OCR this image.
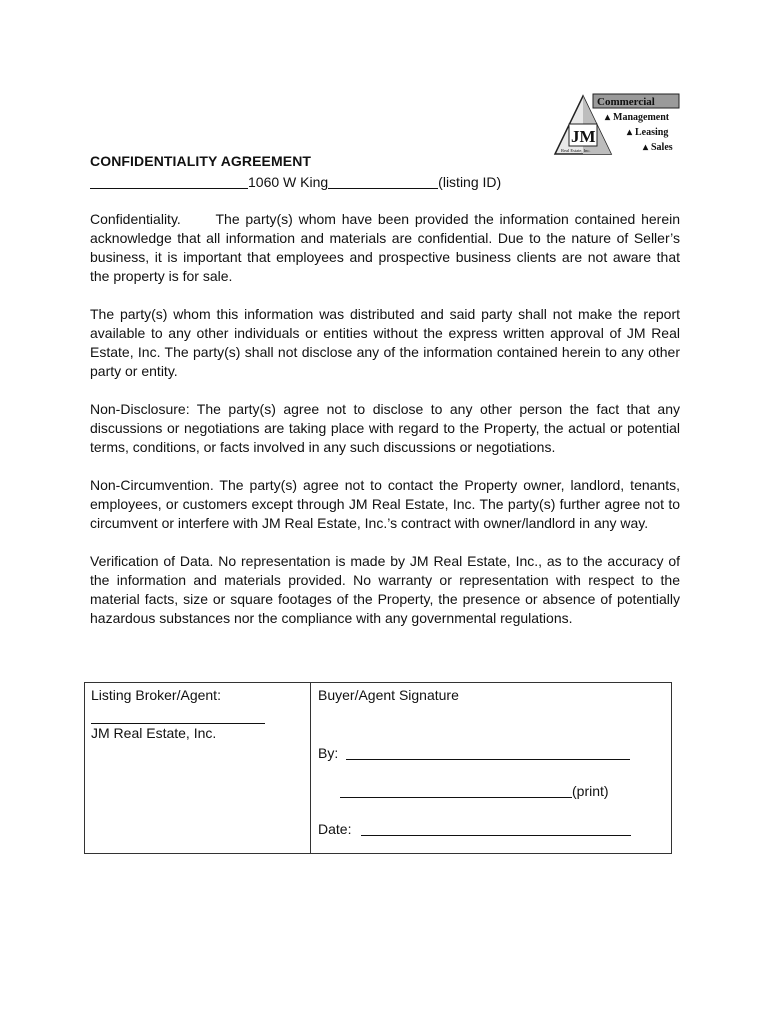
Commercial
JM
Real Estate, Inc.
▴ Management
▴ Leasing
▴ Sales
CONFIDENTIALITY AGREEMENT
1060 W King	(listing ID)
Confidentiality.      The party(s) whom have been provided the information contained herein acknowledge that all information and materials are confidential. Due to the nature of Seller’s business, it is important that employees and prospective business clients are not aware that the property is for sale.
The party(s) whom this information was distributed and said party shall not make the report available to any other individuals or entities without the express written approval of JM Real Estate, Inc. The party(s) shall not disclose any of the information contained herein to any other party or entity.
Non-Disclosure: The party(s) agree not to disclose to any other person the fact that any discussions or negotiations are taking place with regard to the Property, the actual or potential terms, conditions, or facts involved in any such discussions or negotiations.
Non-Circumvention. The party(s) agree not to contact the Property owner, landlord, tenants, employees, or customers except through JM Real Estate, Inc. The party(s) further agree not to circumvent or interfere with JM Real Estate, Inc.’s contract with owner/landlord in any way.
Verification of Data. No representation is made by JM Real Estate, Inc., as to the accuracy of the information and materials provided. No warranty or representation with respect to the material facts, size or square footages of the Property, the presence or absence of potentially hazardous substances nor the compliance with any governmental regulations.
Listing Broker/Agent:
JM Real Estate, Inc.
Buyer/Agent Signature
By:
(print)
Date:
